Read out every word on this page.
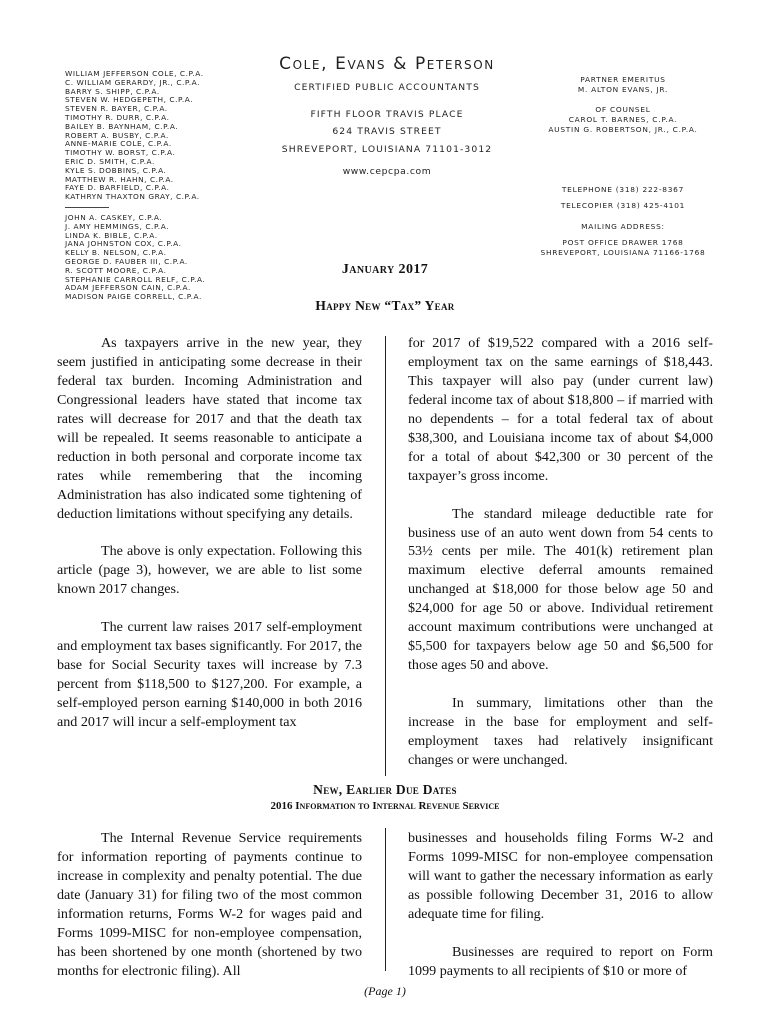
Cole, Evans & Peterson
CERTIFIED PUBLIC ACCOUNTANTS
FIFTH FLOOR TRAVIS PLACE
624 TRAVIS STREET
SHREVEPORT, LOUISIANA 71101-3012
www.cepcpa.com
WILLIAM JEFFERSON COLE, C.P.A.
C. WILLIAM GERARDY, JR., C.P.A.
BARRY S. SHIPP, C.P.A.
STEVEN W. HEDGEPETH, C.P.A.
STEVEN R. BAYER, C.P.A.
TIMOTHY R. DURR, C.P.A.
BAILEY B. BAYNHAM, C.P.A.
ROBERT A. BUSBY, C.P.A.
ANNE-MARIE COLE, C.P.A.
TIMOTHY W. BORST, C.P.A.
ERIC D. SMITH, C.P.A.
KYLE S. DOBBINS, C.P.A.
MATTHEW R. HAHN, C.P.A.
FAYE D. BARFIELD, C.P.A.
KATHRYN THAXTON GRAY, C.P.A.
JOHN A. CASKEY, C.P.A.
J. AMY HEMMINGS, C.P.A.
LINDA K. BIBLE, C.P.A.
JANA JOHNSTON COX, C.P.A.
KELLY B. NELSON, C.P.A.
GEORGE D. FAUBER III, C.P.A.
R. SCOTT MOORE, C.P.A.
STEPHANIE CARROLL RELF, C.P.A.
ADAM JEFFERSON CAIN, C.P.A.
MADISON PAIGE CORRELL, C.P.A.
PARTNER EMERITUS
M. ALTON EVANS, JR.
OF COUNSEL
CAROL T. BARNES, C.P.A.
AUSTIN G. ROBERTSON, JR., C.P.A.
TELEPHONE (318) 222-8367
TELECOPIER (318) 425-4101
MAILING ADDRESS:
POST OFFICE DRAWER 1768
SHREVEPORT, LOUISIANA 71166-1768
January 2017
Happy New “Tax” Year

As taxpayers arrive in the new year, they seem justified in anticipating some decrease in their federal tax burden. Incoming Administration and Congressional leaders have stated that income tax rates will decrease for 2017 and that the death tax will be repealed. It seems reasonable to anticipate a reduction in both personal and corporate income tax rates while remembering that the incoming Administration has also indicated some tightening of deduction limitations without specifying any details.

The above is only expectation. Following this article (page 3), however, we are able to list some known 2017 changes.

The current law raises 2017 self-employment and employment tax bases significantly. For 2017, the base for Social Security taxes will increase by 7.3 percent from $118,500 to $127,200. For example, a self-employed person earning $140,000 in both 2016 and 2017 will incur a self-employment tax

for 2017 of $19,522 compared with a 2016 self-employment tax on the same earnings of $18,443. This taxpayer will also pay (under current law) federal income tax of about $18,800 – if married with no dependents – for a total federal tax of about $38,300, and Louisiana income tax of about $4,000 for a total of about $42,300 or 30 percent of the taxpayer’s gross income.

The standard mileage deductible rate for business use of an auto went down from 54 cents to 53½ cents per mile. The 401(k) retirement plan maximum elective deferral amounts remained unchanged at $18,000 for those below age 50 and $24,000 for age 50 or above. Individual retirement account maximum contributions were unchanged at $5,500 for taxpayers below age 50 and $6,500 for those ages 50 and above.

In summary, limitations other than the increase in the base for employment and self-employment taxes had relatively insignificant changes or were unchanged.

New, Earlier Due Dates
2016 Information to Internal Revenue Service

The Internal Revenue Service requirements for information reporting of payments continue to increase in complexity and penalty potential. The due date (January 31) for filing two of the most common information returns, Forms W-2 for wages paid and Forms 1099-MISC for non-employee compensation, has been shortened by one month (shortened by two months for electronic filing). All

businesses and households filing Forms W-2 and Forms 1099-MISC for non-employee compensation will want to gather the necessary information as early as possible following December 31, 2016 to allow adequate time for filing.

Businesses are required to report on Form 1099 payments to all recipients of $10 or more of

(Page 1)
